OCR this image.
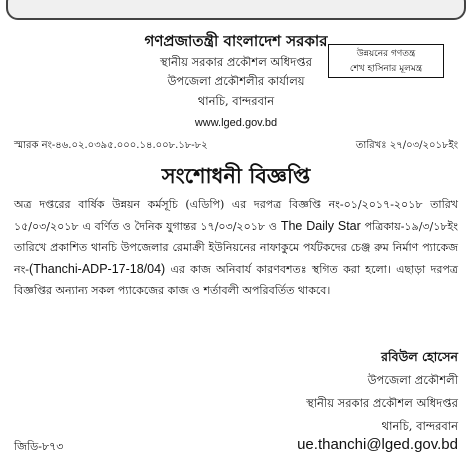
গণপ্রজাতন্ত্রী বাংলাদেশ সরকার
স্থানীয় সরকার প্রকৌশল অধিদপ্তর
উপজেলা প্রকৌশলীর কার্যালয়
থানচি, বান্দরবান
www.lged.gov.bd
উন্নয়নের গণতন্ত্র
শেখ হাসিনার মূলমন্ত্র
স্মারক নং-৪৬.০২.০৩৯৫.০০০.১৪.০০৮.১৮-৮২	তারিখঃ ২৭/০৩/২০১৮ইং
সংশোধনী বিজ্ঞপ্তি
অত্র দপ্তরের বার্ষিক উন্নয়ন কর্মসূচি (এডিপি) এর দরপত্র বিজ্ঞপ্তি নং-০১/২০১৭-২০১৮ তারিখ ১৫/০৩/২০১৮ এ বর্ণিত ও দৈনিক যুগান্তর ১৭/০৩/২০১৮ ও The Daily Star পত্রিকায়-১৯/৩/১৮ইং তারিখে প্রকাশিত থানচি উপজেলার রেমাক্রী ইউনিয়নের নাফাকুমে পর্যটকদের চেঞ্জ রুম নির্মাণ প্যাকেজ নং-(Thanchi-ADP-17-18/04) এর কাজ অনিবার্য কারণবশতঃ স্থগিত করা হলো। এছাড়া দরপত্র বিজ্ঞপ্তির অন্যান্য সকল প্যাকেজের কাজ ও শর্তাবলী অপরিবর্তিত থাকবে।
রবিউল হোসেন
উপজেলা প্রকৌশলী
স্থানীয় সরকার প্রকৌশল অধিদপ্তর
থানচি, বান্দরবান
জিডি-৮৭৩	ue.thanchi@lged.gov.bd
